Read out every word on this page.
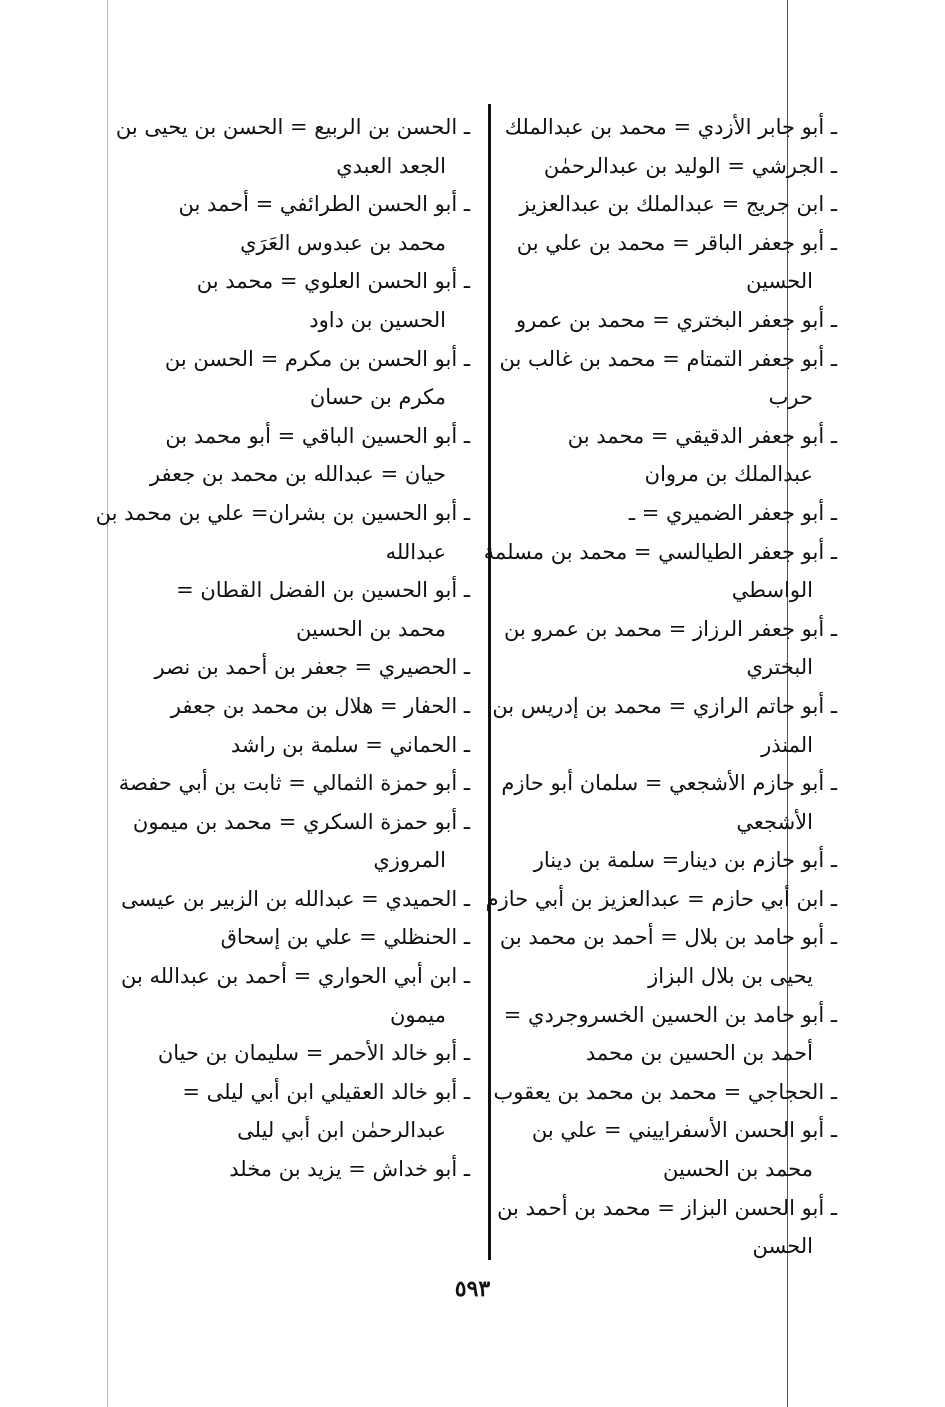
ـ أبو جابر الأزدي = محمد بن عبدالملك
ـ الجرشي = الوليد بن عبدالرحمٰن
ـ ابن جريج = عبدالملك بن عبدالعزيز
ـ أبو جعفر الباقر = محمد بن علي بن
الحسين
ـ أبو جعفر البختري = محمد بن عمرو
ـ أبو جعفر التمتام = محمد بن غالب بن
حرب
ـ أبو جعفر الدقيقي = محمد بن
عبدالملك بن مروان
ـ أبو جعفر الضميري = ـ
ـ أبو جعفر الطيالسي = محمد بن مسلمة
الواسطي
ـ أبو جعفر الرزاز = محمد بن عمرو بن
البختري
ـ أبو حاتم الرازي = محمد بن إدريس بن
المنذر
ـ أبو حازم الأشجعي = سلمان أبو حازم
الأشجعي
ـ أبو حازم بن دينار= سلمة بن دينار
ـ ابن أبي حازم = عبدالعزيز بن أبي حازم
ـ أبو حامد بن بلال = أحمد بن محمد بن
يحيى بن بلال البزاز
ـ أبو حامد بن الحسين الخسروجردي =
أحمد بن الحسين بن محمد
ـ الحجاجي = محمد بن محمد بن يعقوب
ـ أبو الحسن الأسفراييني = علي بن
محمد بن الحسين
ـ أبو الحسن البزاز = محمد بن أحمد بن
الحسن
ـ الحسن بن الربيع = الحسن بن يحيى بن
الجعد العبدي
ـ أبو الحسن الطرائفي = أحمد بن
محمد بن عبدوس العَرَي
ـ أبو الحسن العلوي = محمد بن
الحسين بن داود
ـ أبو الحسن بن مكرم = الحسن بن
مكرم بن حسان
ـ أبو الحسين الباقي = أبو محمد بن
حيان = عبدالله بن محمد بن جعفر
ـ أبو الحسين بن بشران= علي بن محمد بن
عبدالله
ـ أبو الحسين بن الفضل القطان =
محمد بن الحسين
ـ الحصيري = جعفر بن أحمد بن نصر
ـ الحفار = هلال بن محمد بن جعفر
ـ الحماني = سلمة بن راشد
ـ أبو حمزة الثمالي = ثابت بن أبي حفصة
ـ أبو حمزة السكري = محمد بن ميمون
المروزي
ـ الحميدي = عبدالله بن الزبير بن عيسى
ـ الحنظلي = علي بن إسحاق
ـ ابن أبي الحواري = أحمد بن عبدالله بن
ميمون
ـ أبو خالد الأحمر = سليمان بن حيان
ـ أبو خالد العقيلي ابن أبي ليلى =
عبدالرحمٰن ابن أبي ليلى
ـ أبو خداش = يزيد بن مخلد
٥٩٣
